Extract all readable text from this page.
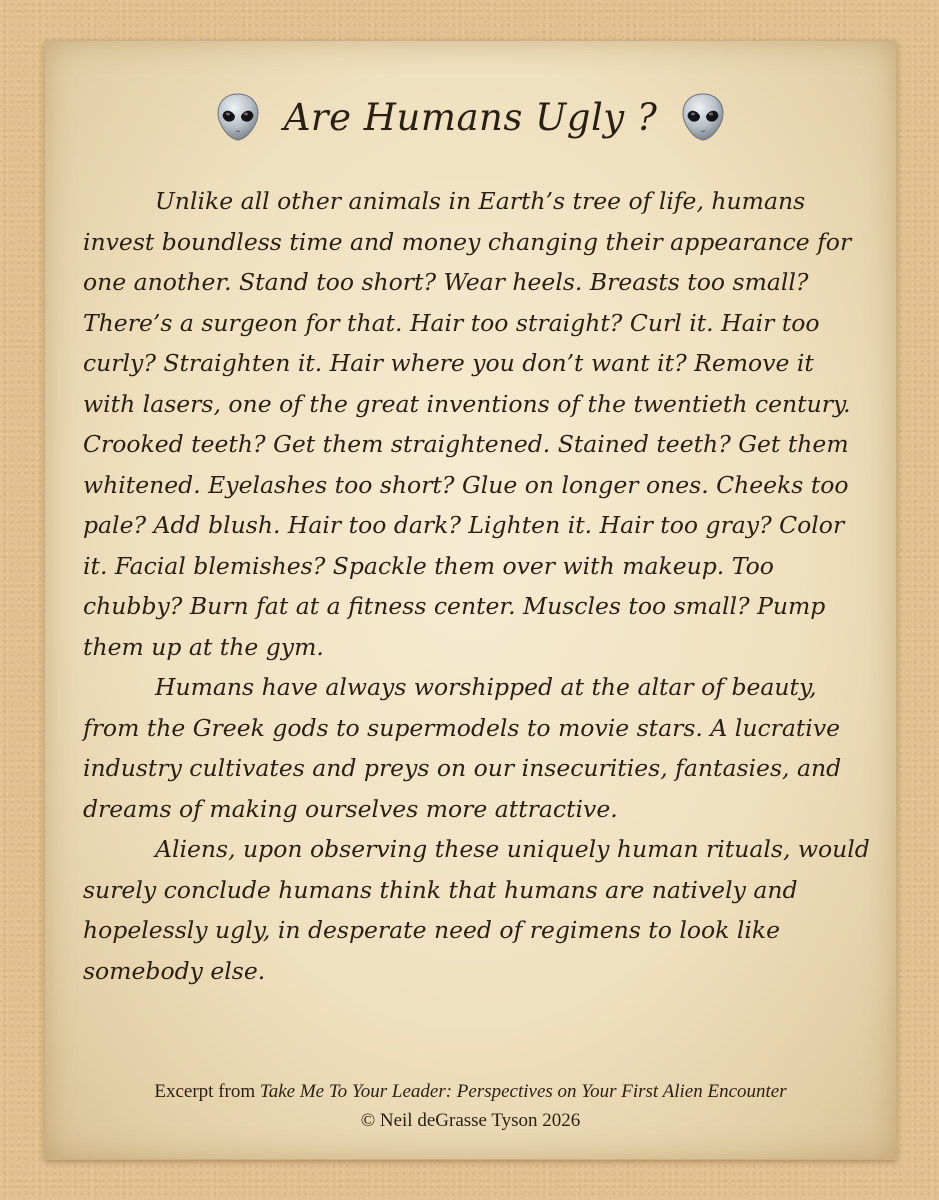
Are Humans Ugly ?

Unlike all other animals in Earth’s tree of life, humans invest boundless time and money changing their appearance for one another. Stand too short? Wear heels. Breasts too small? There’s a surgeon for that. Hair too straight? Curl it. Hair too curly? Straighten it. Hair where you don’t want it? Remove it with lasers, one of the great inventions of the twentieth century. Crooked teeth? Get them straightened. Stained teeth? Get them whitened. Eyelashes too short? Glue on longer ones. Cheeks too pale? Add blush. Hair too dark? Lighten it. Hair too gray? Color it. Facial blemishes? Spackle them over with makeup. Too chubby? Burn fat at a fitness center. Muscles too small? Pump them up at the gym.

Humans have always worshipped at the altar of beauty, from the Greek gods to supermodels to movie stars. A lucrative industry cultivates and preys on our insecurities, fantasies, and dreams of making ourselves more attractive.

Aliens, upon observing these uniquely human rituals, would surely conclude humans think that humans are natively and hopelessly ugly, in desperate need of regimens to look like somebody else.

Excerpt from Take Me To Your Leader: Perspectives on Your First Alien Encounter
© Neil deGrasse Tyson 2026
